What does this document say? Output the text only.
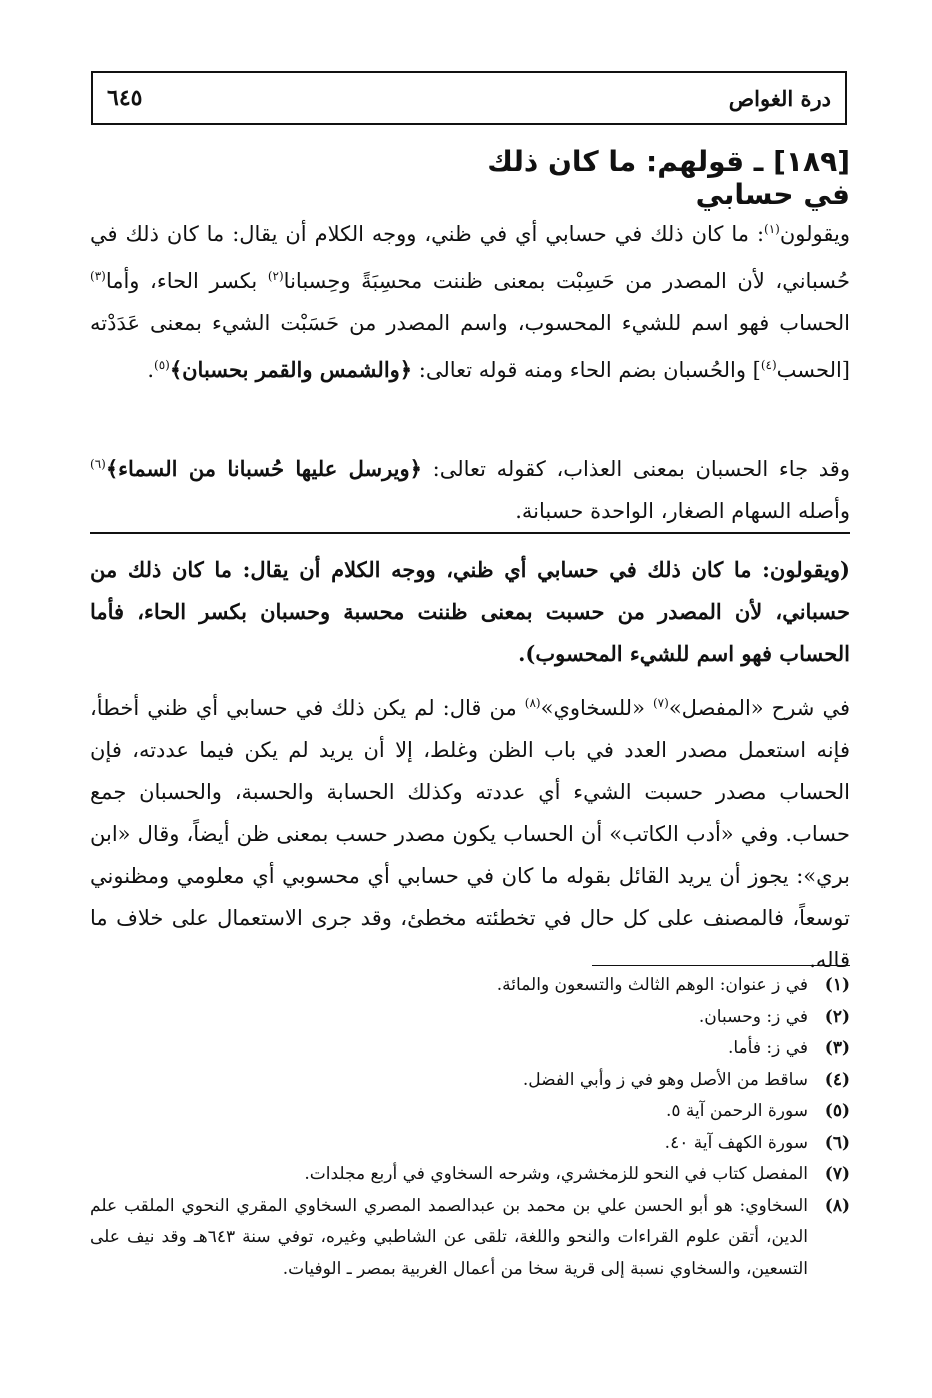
٦٤٥	درة الغواص
[١٨٩] ـ قولهم: ما كان ذلك في حسابي
ويقولون$^{(١)}$: ما كان ذلك في حسابي أي في ظني، ووجه الكلام أن يقال: ما كان ذلك في حُسباني، لأن المصدر من حَسِبْت بمعنى ظننت محسِبَةً وحِسبانا$^{(٢)}$ بكسر الحاء، وأما$^{(٣)}$ الحساب فهو اسم للشيء المحسوب، واسم المصدر من حَسَبْت الشيء بمعنى عَدَدْته [الحسب$^{(٤)}$] والحُسبان بضم الحاء ومنه قوله تعالى: ﴿والشمس والقمر بحسبان﴾$^{(٥)}$.
وقد جاء الحسبان بمعنى العذاب، كقوله تعالى: ﴿ويرسل عليها حُسبانا من السماء﴾$^{(٦)}$ وأصله السهام الصغار، الواحدة حسبانة.
(ويقولون: ما كان ذلك في حسابي أي ظني، ووجه الكلام أن يقال: ما كان ذلك من حسباني، لأن المصدر من حسبت بمعنى ظننت محسبة وحسبان بكسر الحاء، فأما الحساب فهو اسم للشيء المحسوب).
في شرح «المفصل»$^{(٧)}$ «للسخاوي»$^{(٨)}$ من قال: لم يكن ذلك في حسابي أي ظني أخطأ، فإنه استعمل مصدر العدد في باب الظن وغلط، إلا أن يريد لم يكن فيما عددته، فإن الحساب مصدر حسبت الشيء أي عددته وكذلك الحسابة والحسبة، والحسبان جمع حساب. وفي «أدب الكاتب» أن الحساب يكون مصدر حسب بمعنى ظن أيضاً، وقال «ابن بري»: يجوز أن يريد القائل بقوله ما كان في حسابي أي محسوبي أي معلومي ومظنوني توسعاً، فالمصنف على كل حال في تخطئته مخطئ، وقد جرى الاستعمال على خلاف ما قاله.
(١)
في ز عنوان: الوهم الثالث والتسعون والمائة.
(٢)
في ز: وحسبان.
(٣)
في ز: فأما.
(٤)
ساقط من الأصل وهو في ز وأبي الفضل.
(٥)
سورة الرحمن آية ٥.
(٦)
سورة الكهف آية ٤٠.
(٧)
المفصل كتاب في النحو للزمخشري، وشرحه السخاوي في أربع مجلدات.
(٨)
السخاوي: هو أبو الحسن علي بن محمد بن عبدالصمد المصري السخاوي المقري النحوي الملقب علم الدين، أتقن علوم القراءات والنحو واللغة، تلقى عن الشاطبي وغيره، توفي سنة ٦٤٣هـ وقد نيف على التسعين، والسخاوي نسبة إلى قرية سخا من أعمال الغربية بمصر ـ الوفيات.
